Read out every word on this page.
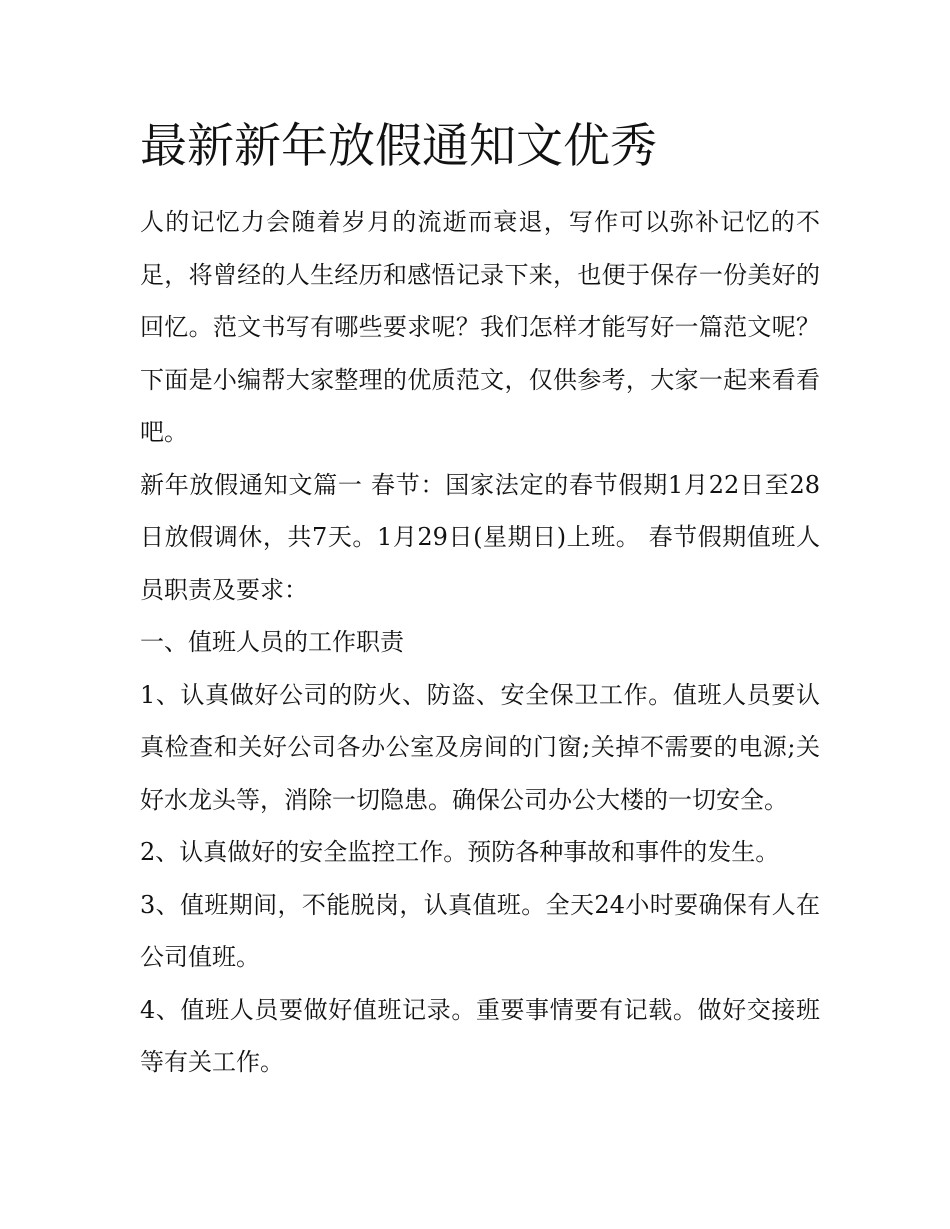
最新新年放假通知文优秀

人的记忆力会随着岁月的流逝而衰退，写作可以弥补记忆的不足，将曾经的人生经历和感悟记录下来，也便于保存一份美好的回忆。范文书写有哪些要求呢？我们怎样才能写好一篇范文呢？下面是小编帮大家整理的优质范文，仅供参考，大家一起来看看吧。

新年放假通知文篇一 春节：国家法定的春节假期1月22日至28日放假调休，共7天。1月29日(星期日)上班。 春节假期值班人员职责及要求：

一、值班人员的工作职责

1、认真做好公司的防火、防盗、安全保卫工作。值班人员要认真检查和关好公司各办公室及房间的门窗;关掉不需要的电源;关好水龙头等，消除一切隐患。确保公司办公大楼的一切安全。

2、认真做好的安全监控工作。预防各种事故和事件的发生。

3、值班期间，不能脱岗，认真值班。全天24小时要确保有人在公司值班。

4、值班人员要做好值班记录。重要事情要有记载。做好交接班等有关工作。
